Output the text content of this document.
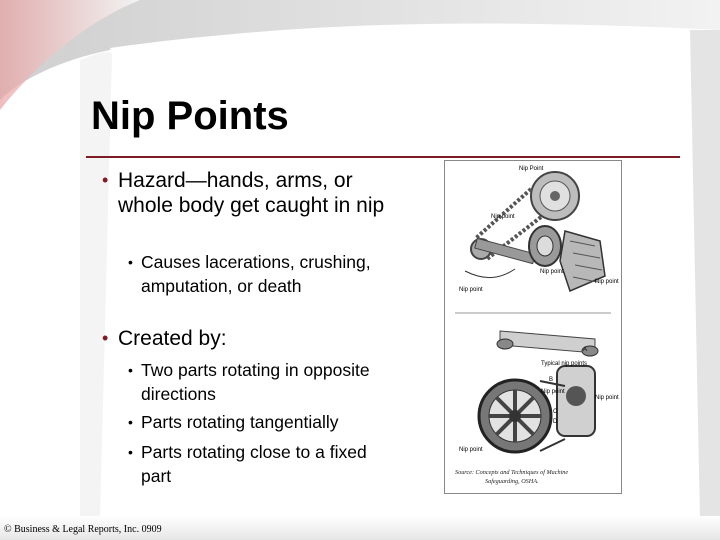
Nip Points
• Hazard—hands, arms, or whole body get caught in nip
• Causes lacerations, crushing, amputation, or death
• Created by:
• Two parts rotating in opposite directions
• Parts rotating tangentially
• Parts rotating close to a fixed part
Nip Point
Nip point
Nip point
Nip point
Nip point
Typical nip points
Nip point
Nip point
Nip point
A
B
C
D
Source: Concepts and Techniques of Machine
Safeguarding, OSHA.
© Business & Legal Reports, Inc. 0909
